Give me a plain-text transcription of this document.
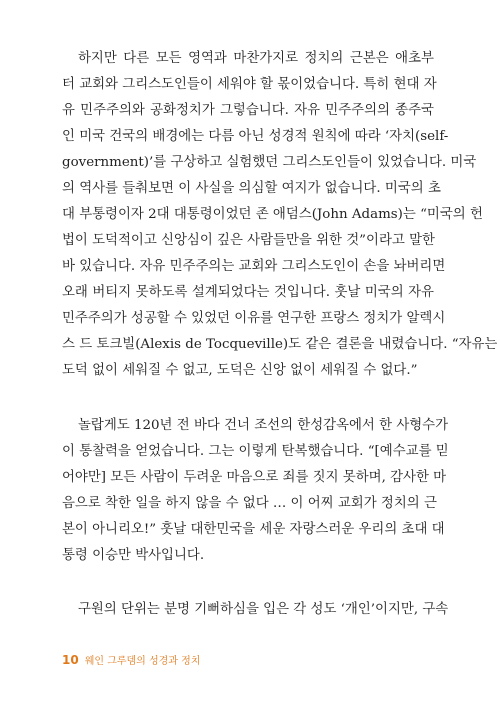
하지만 다른 모든 영역과 마찬가지로 정치의 근본은 애초부
터 교회와 그리스도인들이 세워야 할 몫이었습니다. 특히 현대 자
유 민주주의와 공화정치가 그렇습니다. 자유 민주주의의 종주국
인 미국 건국의 배경에는 다름 아닌 성경적 원칙에 따라 ‘자치(self-
government)’를 구상하고 실험했던 그리스도인들이 있었습니다. 미국
의 역사를 들춰보면 이 사실을 의심할 여지가 없습니다. 미국의 초
대 부통령이자 2대 대통령이었던 존 애덤스(John Adams)는 “미국의 헌
법이 도덕적이고 신앙심이 깊은 사람들만을 위한 것”이라고 말한
바 있습니다. 자유 민주주의는 교회와 그리스도인이 손을 놔버리면
오래 버티지 못하도록 설계되었다는 것입니다. 훗날 미국의 자유
민주주의가 성공할 수 있었던 이유를 연구한 프랑스 정치가 알렉시
스 드 토크빌(Alexis de Tocqueville)도 같은 결론을 내렸습니다. “자유는
도덕 없이 세워질 수 없고, 도덕은 신앙 없이 세워질 수 없다.”
놀랍게도 120년 전 바다 건너 조선의 한성감옥에서 한 사형수가
이 통찰력을 얻었습니다. 그는 이렇게 탄복했습니다. “[예수교를 믿
어야만] 모든 사람이 두려운 마음으로 죄를 짓지 못하며, 감사한 마
음으로 착한 일을 하지 않을 수 없다 … 이 어찌 교회가 정치의 근
본이 아니리오!” 훗날 대한민국을 세운 자랑스러운 우리의 초대 대
통령 이승만 박사입니다.
구원의 단위는 분명 기뻐하심을 입은 각 성도 ‘개인’이지만, 구속
10 웨인 그루뎀의 성경과 정치
